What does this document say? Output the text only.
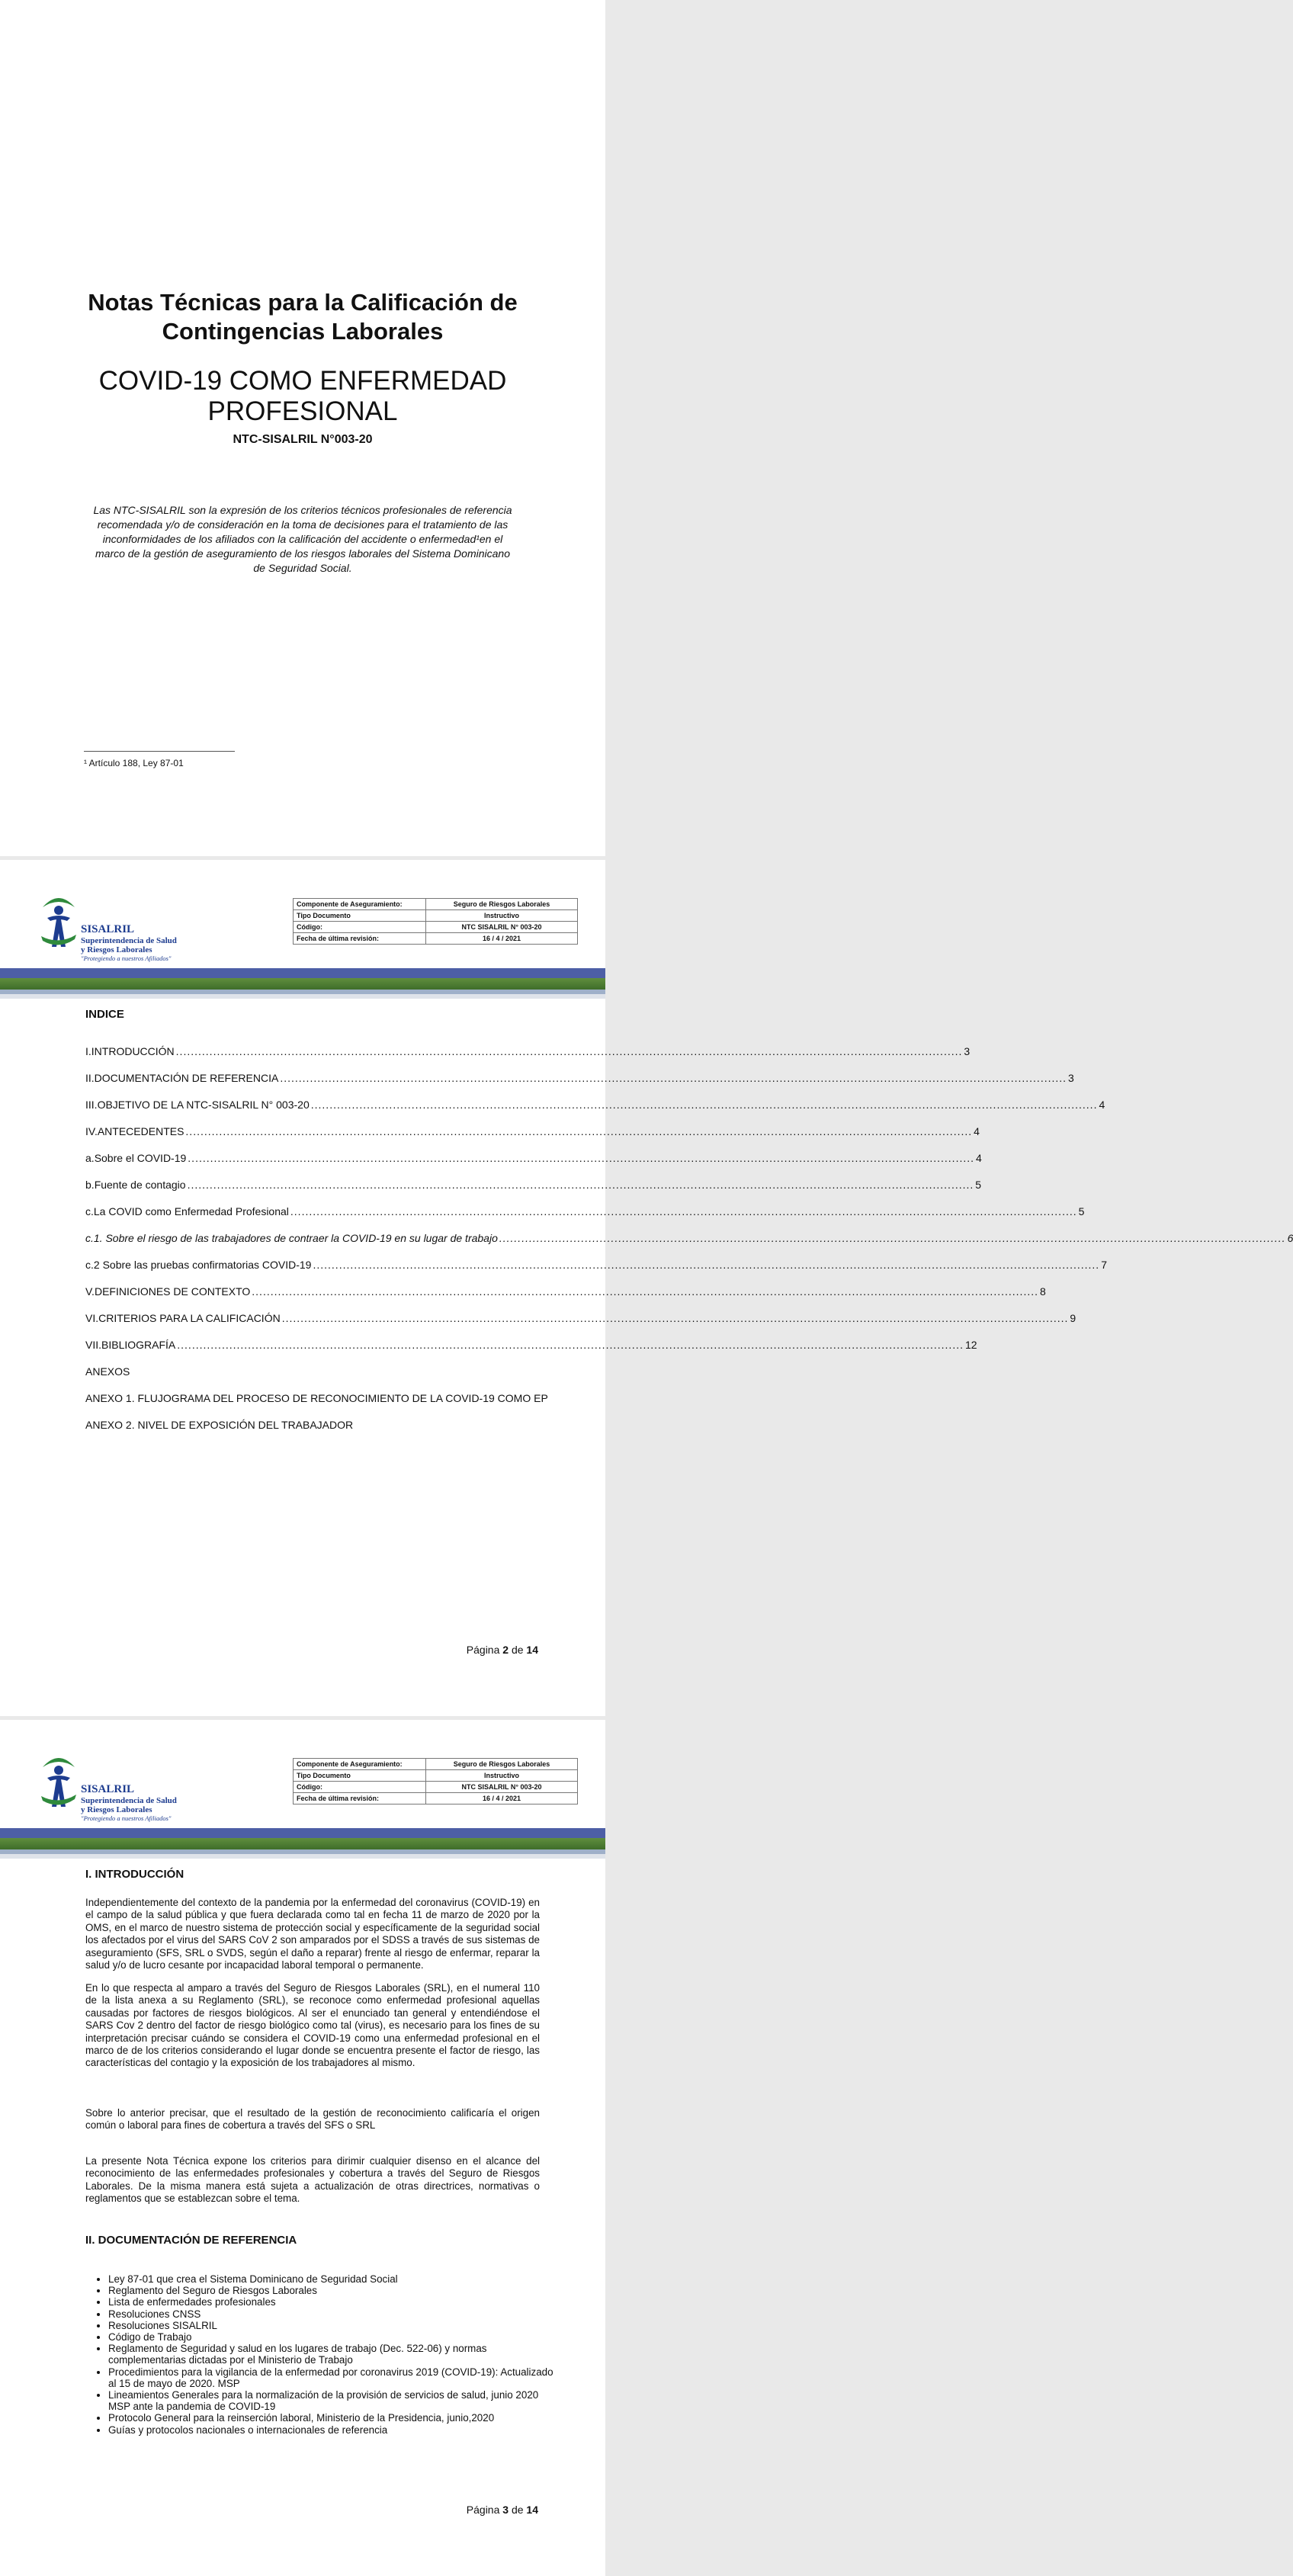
Notas Técnicas para la Calificación de Contingencias Laborales
COVID-19 COMO ENFERMEDAD PROFESIONAL
NTC-SISALRIL N°003-20
Las NTC-SISALRIL son la expresión de los criterios técnicos profesionales de referencia recomendada y/o de consideración en la toma de decisiones para el tratamiento de las inconformidades de los afiliados con la calificación del accidente o enfermedad¹en el marco de la gestión de aseguramiento de los riesgos laborales del Sistema Dominicano de Seguridad Social.
¹ Artículo 188, Ley 87-01
SISALRIL
Superintendencia de Salud
y Riesgos Laborales
"Protegiendo a nuestros Afiliados"
Componente de Aseguramiento:	Seguro de Riesgos Laborales
Tipo Documento	Instructivo
Código:	NTC SISALRIL N° 003-20
Fecha de última revisión:	16 / 4 / 2021
INDICE
I. INTRODUCCIÓN .....	3
II. DOCUMENTACIÓN DE REFERENCIA .....	3
III. OBJETIVO DE LA NTC-SISALRIL N° 003-20 .....	4
IV. ANTECEDENTES .....	4
a. Sobre el COVID-19 .....	4
b. Fuente de contagio .....	5
c. La COVID como Enfermedad Profesional .....	5
c.1. Sobre el riesgo de las trabajadores de contraer la COVID-19 en su lugar de trabajo .....	6
c.2 Sobre las pruebas confirmatorias COVID-19 .....	7
V. DEFINICIONES DE CONTEXTO .....	8
VI. CRITERIOS PARA LA CALIFICACIÓN .....	9
VII. BIBLIOGRAFÍA .....	12
ANEXOS
ANEXO 1. FLUJOGRAMA DEL PROCESO DE RECONOCIMIENTO DE LA COVID-19 COMO EP
ANEXO 2. NIVEL DE EXPOSICIÓN DEL TRABAJADOR
Página 2 de 14
SISALRIL
Superintendencia de Salud
y Riesgos Laborales
"Protegiendo a nuestros Afiliados"
Componente de Aseguramiento:	Seguro de Riesgos Laborales
Tipo Documento	Instructivo
Código:	NTC SISALRIL N° 003-20
Fecha de última revisión:	16 / 4 / 2021
I. INTRODUCCIÓN
Independientemente del contexto de la pandemia por la enfermedad del coronavirus (COVID-19) en el campo de la salud pública y que fuera declarada como tal en fecha 11 de marzo de 2020 por la OMS, en el marco de nuestro sistema de protección social y específicamente de la seguridad social los afectados por el virus del SARS CoV 2 son amparados por el SDSS a través de sus sistemas de aseguramiento (SFS, SRL o SVDS, según el daño a reparar) frente al riesgo de enfermar, reparar la salud y/o de lucro cesante por incapacidad laboral temporal o permanente.
En lo que respecta al amparo a través del Seguro de Riesgos Laborales (SRL), en el numeral 110 de la lista anexa a su Reglamento (SRL), se reconoce como enfermedad profesional aquellas causadas por factores de riesgos biológicos. Al ser el enunciado tan general y entendiéndose el SARS Cov 2 dentro del factor de riesgo biológico como tal (virus), es necesario para los fines de su interpretación precisar cuándo se considera el COVID-19 como una enfermedad profesional en el marco de de los criterios considerando el lugar donde se encuentra presente el factor de riesgo, las características del contagio y la exposición de los trabajadores al mismo.
Sobre lo anterior precisar, que el resultado de la gestión de reconocimiento calificaría el origen común o laboral para fines de cobertura a través del SFS o SRL
La presente Nota Técnica expone los criterios para dirimir cualquier disenso en el alcance del reconocimiento de las enfermedades profesionales y cobertura a través del Seguro de Riesgos Laborales. De la misma manera está sujeta a actualización de otras directrices, normativas o reglamentos que se establezcan sobre el tema.
II. DOCUMENTACIÓN DE REFERENCIA
• Ley 87-01 que crea el Sistema Dominicano de Seguridad Social
• Reglamento del Seguro de Riesgos Laborales
• Lista de enfermedades profesionales
• Resoluciones CNSS
• Resoluciones SISALRIL
• Código de Trabajo
• Reglamento de Seguridad y salud en los lugares de trabajo (Dec. 522-06) y normas complementarias dictadas por el Ministerio de Trabajo
• Procedimientos para la vigilancia de la enfermedad por coronavirus 2019 (COVID-19): Actualizado al 15 de mayo de 2020. MSP
• Lineamientos Generales para la normalización de la provisión de servicios de salud, junio 2020 MSP ante la pandemia de COVID-19
• Protocolo General para la reinserción laboral, Ministerio de la Presidencia, junio,2020
• Guías y protocolos nacionales o internacionales de referencia
Página 3 de 14
